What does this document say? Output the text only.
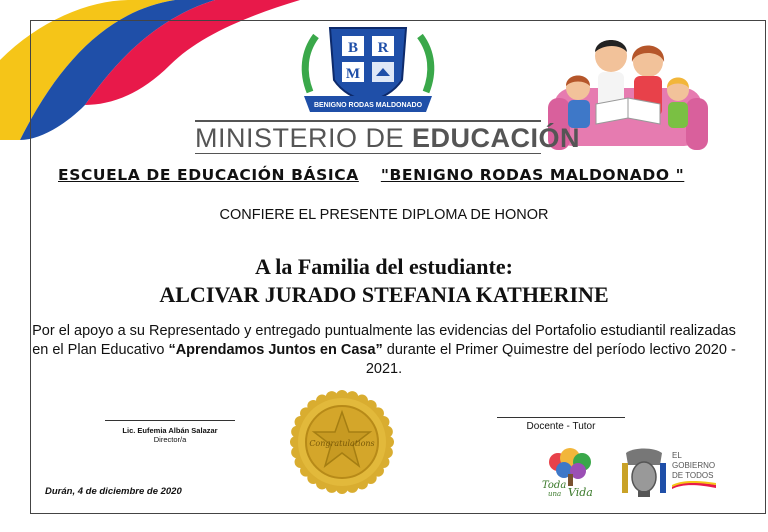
B R
M
BENIGNO RODAS MALDONADO
MINISTERIO DE EDUCACIÓN
ESCUELA DE EDUCACIÓN BÁSICA "BENIGNO RODAS MALDONADO "
CONFIERE EL PRESENTE DIPLOMA DE HONOR
A la Familia del estudiante:
ALCIVAR JURADO STEFANIA KATHERINE
Por el apoyo a su Representado y entregado puntualmente las evidencias del Portafolio estudiantil realizadas en el Plan Educativo “Aprendamos Juntos en Casa” durante el Primer Quimestre del período lectivo 2020 - 2021.
Lic. Eufemia Albán Salazar
Director/a
Docente - Tutor
Congratulations
Durán, 4 de diciembre de 2020
Toda
una Vida
EL
GOBIERNO
DE TODOS
